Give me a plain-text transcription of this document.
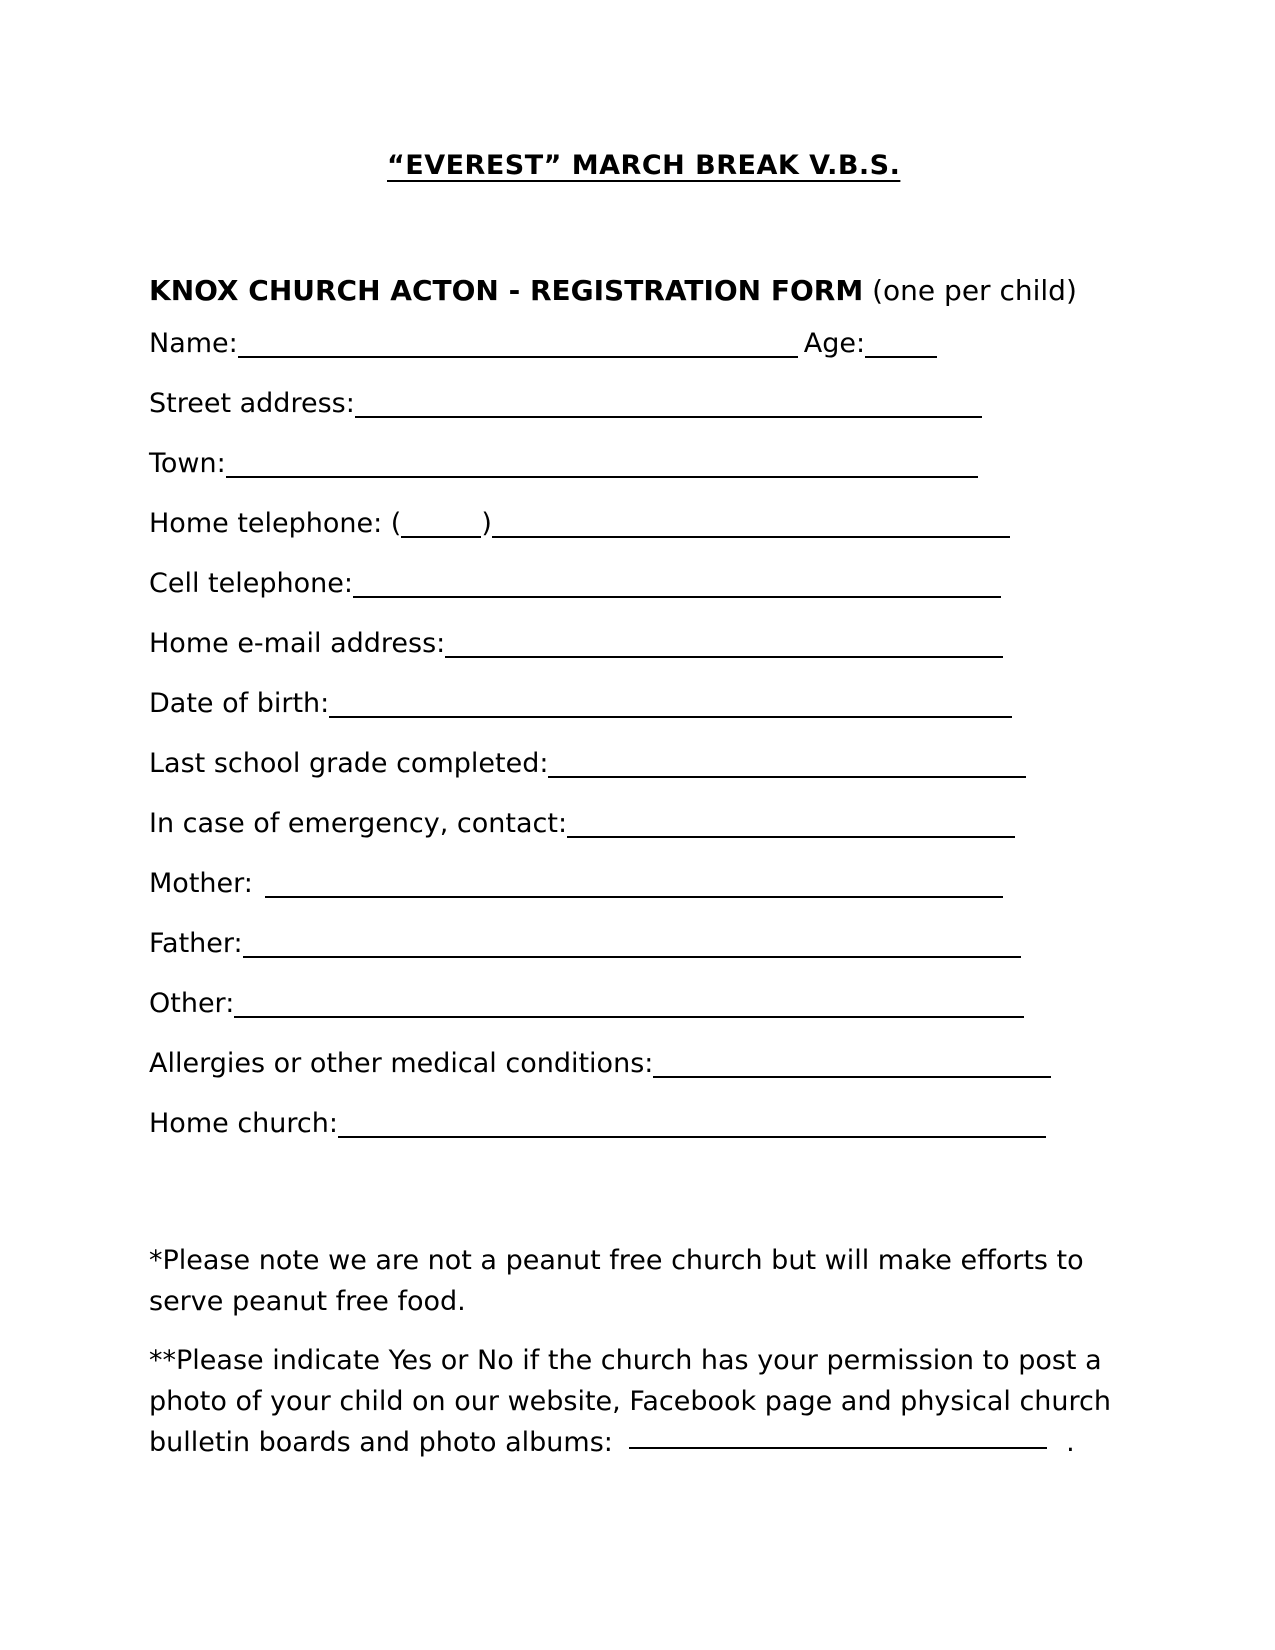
“EVEREST” MARCH BREAK V.B.S.
KNOX CHURCH ACTON - REGISTRATION FORM (one per child)
Name:	Age:
Street address:
Town:
Home telephone: (	)
Cell telephone:
Home e-mail address:
Date of birth:
Last school grade completed:
In case of emergency, contact:
Mother:
Father:
Other:
Allergies or other medical conditions:
Home church:
*Please note we are not a peanut free church but will make efforts to serve peanut free food.
**Please indicate Yes or No if the church has your permission to post a photo of your child on our website, Facebook page and physical church bulletin boards and photo albums:	.
